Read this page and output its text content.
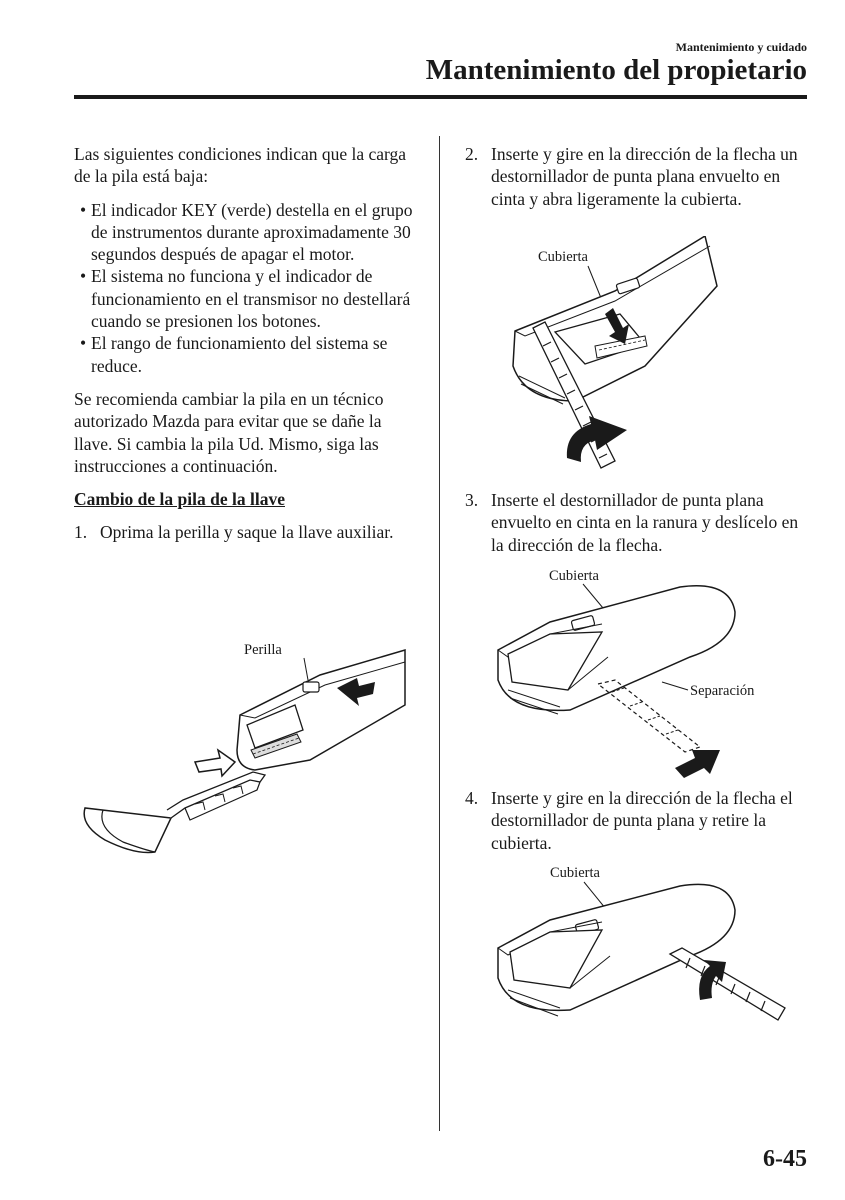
Mantenimiento y cuidado
Mantenimiento del propietario

Las siguientes condiciones indican que la carga de la pila está baja:

• El indicador KEY (verde) destella en el grupo de instrumentos durante aproximadamente 30 segundos después de apagar el motor.

• El sistema no funciona y el indicador de funcionamiento en el transmisor no destellará cuando se presionen los botones.

• El rango de funcionamiento del sistema se reduce.

Se recomienda cambiar la pila en un técnico autorizado Mazda para evitar que se dañe la llave. Si cambia la pila Ud. Mismo, siga las instrucciones a continuación.

Cambio de la pila de la llave

1. Oprima la perilla y saque la llave auxiliar.

Perilla

2. Inserte y gire en la dirección de la flecha un destornillador de punta plana envuelto en cinta y abra ligeramente la cubierta.

Cubierta

3. Inserte el destornillador de punta plana envuelto en cinta en la ranura y deslícelo en la dirección de la flecha.

Cubierta
Separación

4. Inserte y gire en la dirección de la flecha el destornillador de punta plana y retire la cubierta.

Cubierta
6-45
